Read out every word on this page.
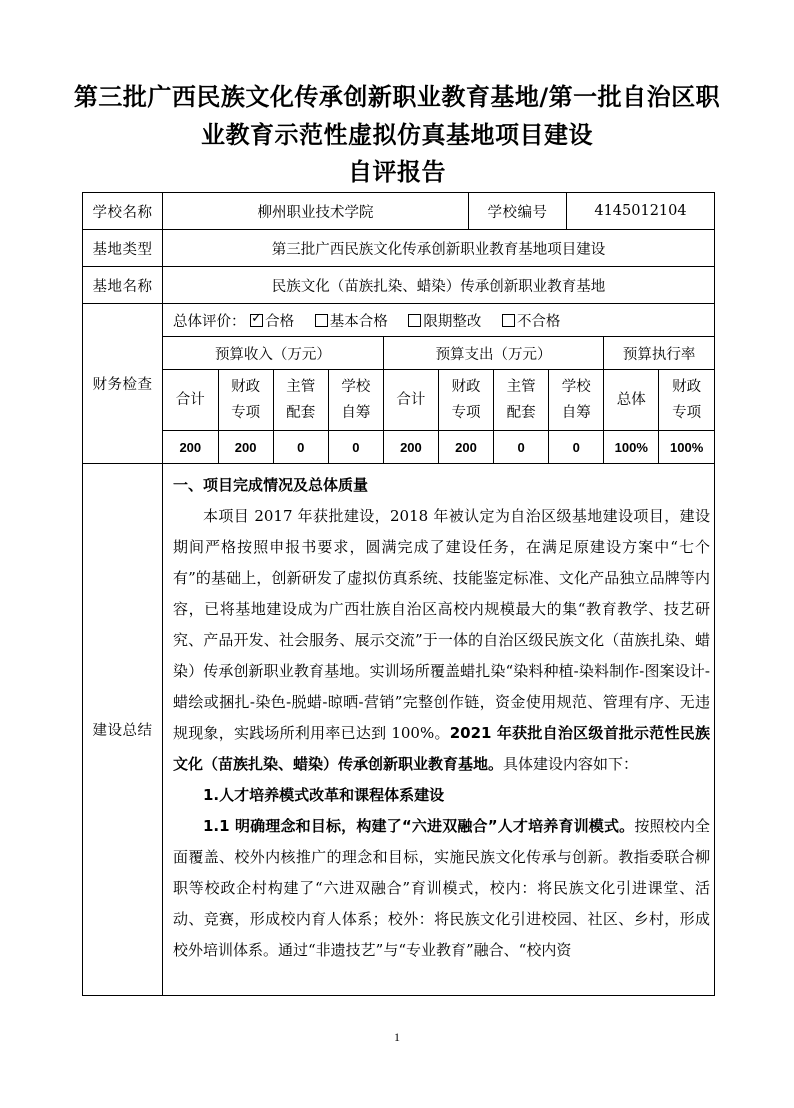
第三批广西民族文化传承创新职业教育基地/第一批自治区职
业教育示范性虚拟仿真基地项目建设
自评报告
学校名称	柳州职业技术学院	学校编号	4145012104
基地类型	第三批广西民族文化传承创新职业教育基地项目建设
基地名称	民族文化（苗族扎染、蜡染）传承创新职业教育基地
财务检查	
总体评价： ✓ 合格 基本合格 限期整改 不合格
预算收入（万元）	预算支出（万元）	预算执行率
合计	财政专项	主管配套	学校自筹	合计	财政专项	主管配套	学校自筹	总体	财政专项
200	200	0	0	200	200	0	0	100%	100%

建设总结	
一、项目完成情况及总体质量

本项目 2017 年获批建设，2018 年被认定为自治区级基地建设项目，建设期间严格按照申报书要求，圆满完成了建设任务，在满足原建设方案中“七个有”的基础上，创新研发了虚拟仿真系统、技能鉴定标准、文化产品独立品牌等内容，已将基地建设成为广西壮族自治区高校内规模最大的集“教育教学、技艺研究、产品开发、社会服务、展示交流”于一体的自治区级民族文化（苗族扎染、蜡染）传承创新职业教育基地。实训场所覆盖蜡扎染“染料种植-染料制作-图案设计-蜡绘或捆扎-染色-脱蜡-晾晒-营销”完整创作链，资金使用规范、管理有序、无违规现象，实践场所利用率已达到 100%。2021 年获批自治区级首批示范性民族文化（苗族扎染、蜡染）传承创新职业教育基地。具体建设内容如下：

1.人才培养模式改革和课程体系建设

1.1 明确理念和目标，构建了“六进双融合”人才培养育训模式。按照校内全面覆盖、校外内核推广的理念和目标，实施民族文化传承与创新。教指委联合柳职等校政企村构建了“六进双融合”育训模式，校内：将民族文化引进课堂、活动、竞赛，形成校内育人体系；校外：将民族文化引进校园、社区、乡村，形成校外培训体系。通过“非遗技艺”与“专业教育”融合、“校内资

1
